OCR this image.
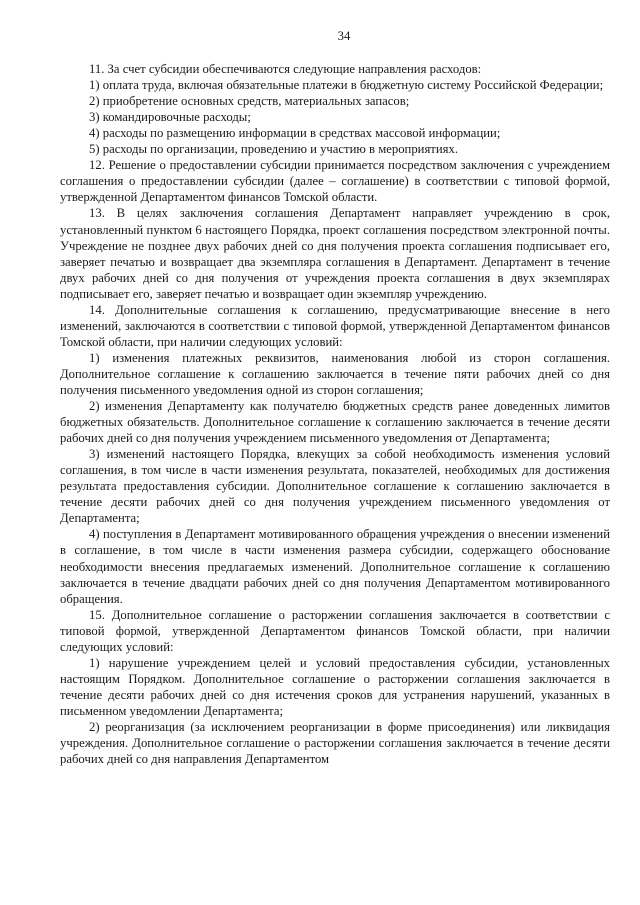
34

11. За счет субсидии обеспечиваются следующие направления расходов:

1) оплата труда, включая обязательные платежи в бюджетную систему Российской Федерации;

2) приобретение основных средств, материальных запасов;

3) командировочные расходы;

4) расходы по размещению информации в средствах массовой информации;

5) расходы по организации, проведению и участию в мероприятиях.

12. Решение о предоставлении субсидии принимается посредством заключения с учреждением соглашения о предоставлении субсидии (далее – соглашение) в соответствии с типовой формой, утвержденной Департаментом финансов Томской области.

13. В целях заключения соглашения Департамент направляет учреждению в срок, установленный пунктом 6 настоящего Порядка, проект соглашения посредством электронной почты. Учреждение не позднее двух рабочих дней со дня получения проекта соглашения подписывает его, заверяет печатью и возвращает два экземпляра соглашения в Департамент. Департамент в течение двух рабочих дней со дня получения от учреждения проекта соглашения в двух экземплярах подписывает его, заверяет печатью и возвращает один экземпляр учреждению.

14. Дополнительные соглашения к соглашению, предусматривающие внесение в него изменений, заключаются в соответствии с типовой формой, утвержденной Департаментом финансов Томской области, при наличии следующих условий:

1) изменения платежных реквизитов, наименования любой из сторон соглашения. Дополнительное соглашение к соглашению заключается в течение пяти рабочих дней со дня получения письменного уведомления одной из сторон соглашения;

2) изменения Департаменту как получателю бюджетных средств ранее доведенных лимитов бюджетных обязательств. Дополнительное соглашение к соглашению заключается в течение десяти рабочих дней со дня получения учреждением письменного уведомления от Департамента;

3) изменений настоящего Порядка, влекущих за собой необходимость изменения условий соглашения, в том числе в части изменения результата, показателей, необходимых для достижения результата предоставления субсидии. Дополнительное соглашение к соглашению заключается в течение десяти рабочих дней со дня получения учреждением письменного уведомления от Департамента;

4) поступления в Департамент мотивированного обращения учреждения о внесении изменений в соглашение, в том числе в части изменения размера субсидии, содержащего обоснование необходимости внесения предлагаемых изменений. Дополнительное соглашение к соглашению заключается в течение двадцати рабочих дней со дня получения Департаментом мотивированного обращения.

15. Дополнительное соглашение о расторжении соглашения заключается в соответствии с типовой формой, утвержденной Департаментом финансов Томской области, при наличии следующих условий:

1) нарушение учреждением целей и условий предоставления субсидии, установленных настоящим Порядком. Дополнительное соглашение о расторжении соглашения заключается в течение десяти рабочих дней со дня истечения сроков для устранения нарушений, указанных в письменном уведомлении Департамента;

2) реорганизация (за исключением реорганизации в форме присоединения) или ликвидация учреждения. Дополнительное соглашение о расторжении соглашения заключается в течение десяти рабочих дней со дня направления Департаментом
